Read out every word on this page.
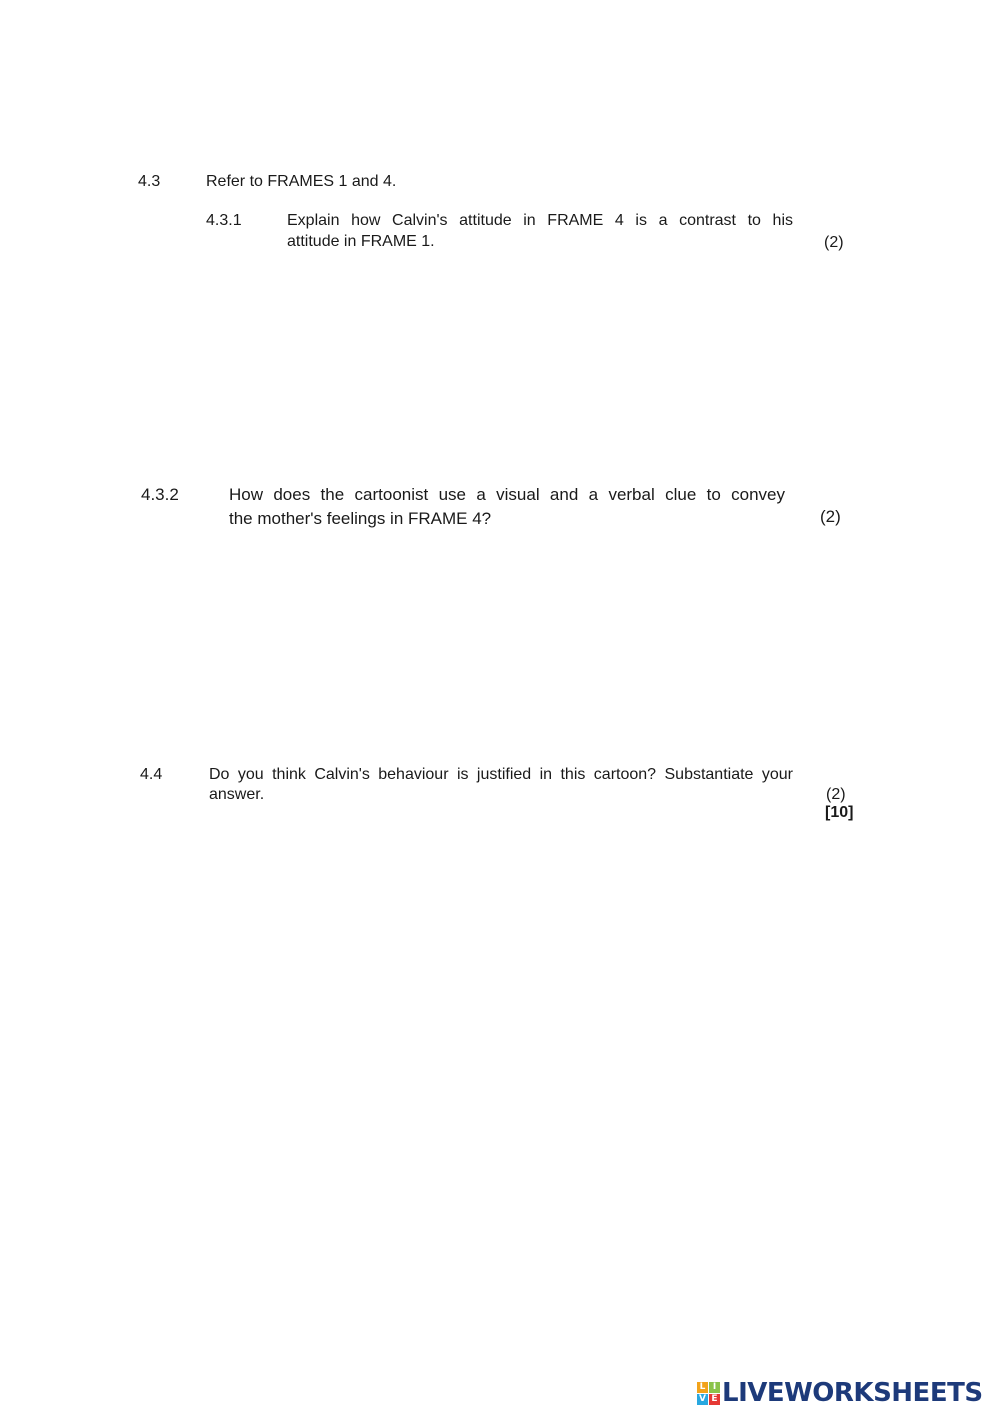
4.3	Refer to FRAMES 1 and 4.
4.3.1	Explain how Calvin's attitude in FRAME 4 is a contrast to his
attitude in FRAME 1.	(2)
4.3.2	How does the cartoonist use a visual and a verbal clue to convey
the mother's feelings in FRAME 4?	(2)
4.4	Do you think Calvin's behaviour is justified in this cartoon? Substantiate your
answer.	(2)
[10]
L I
V E LIVEWORKSHEETS
